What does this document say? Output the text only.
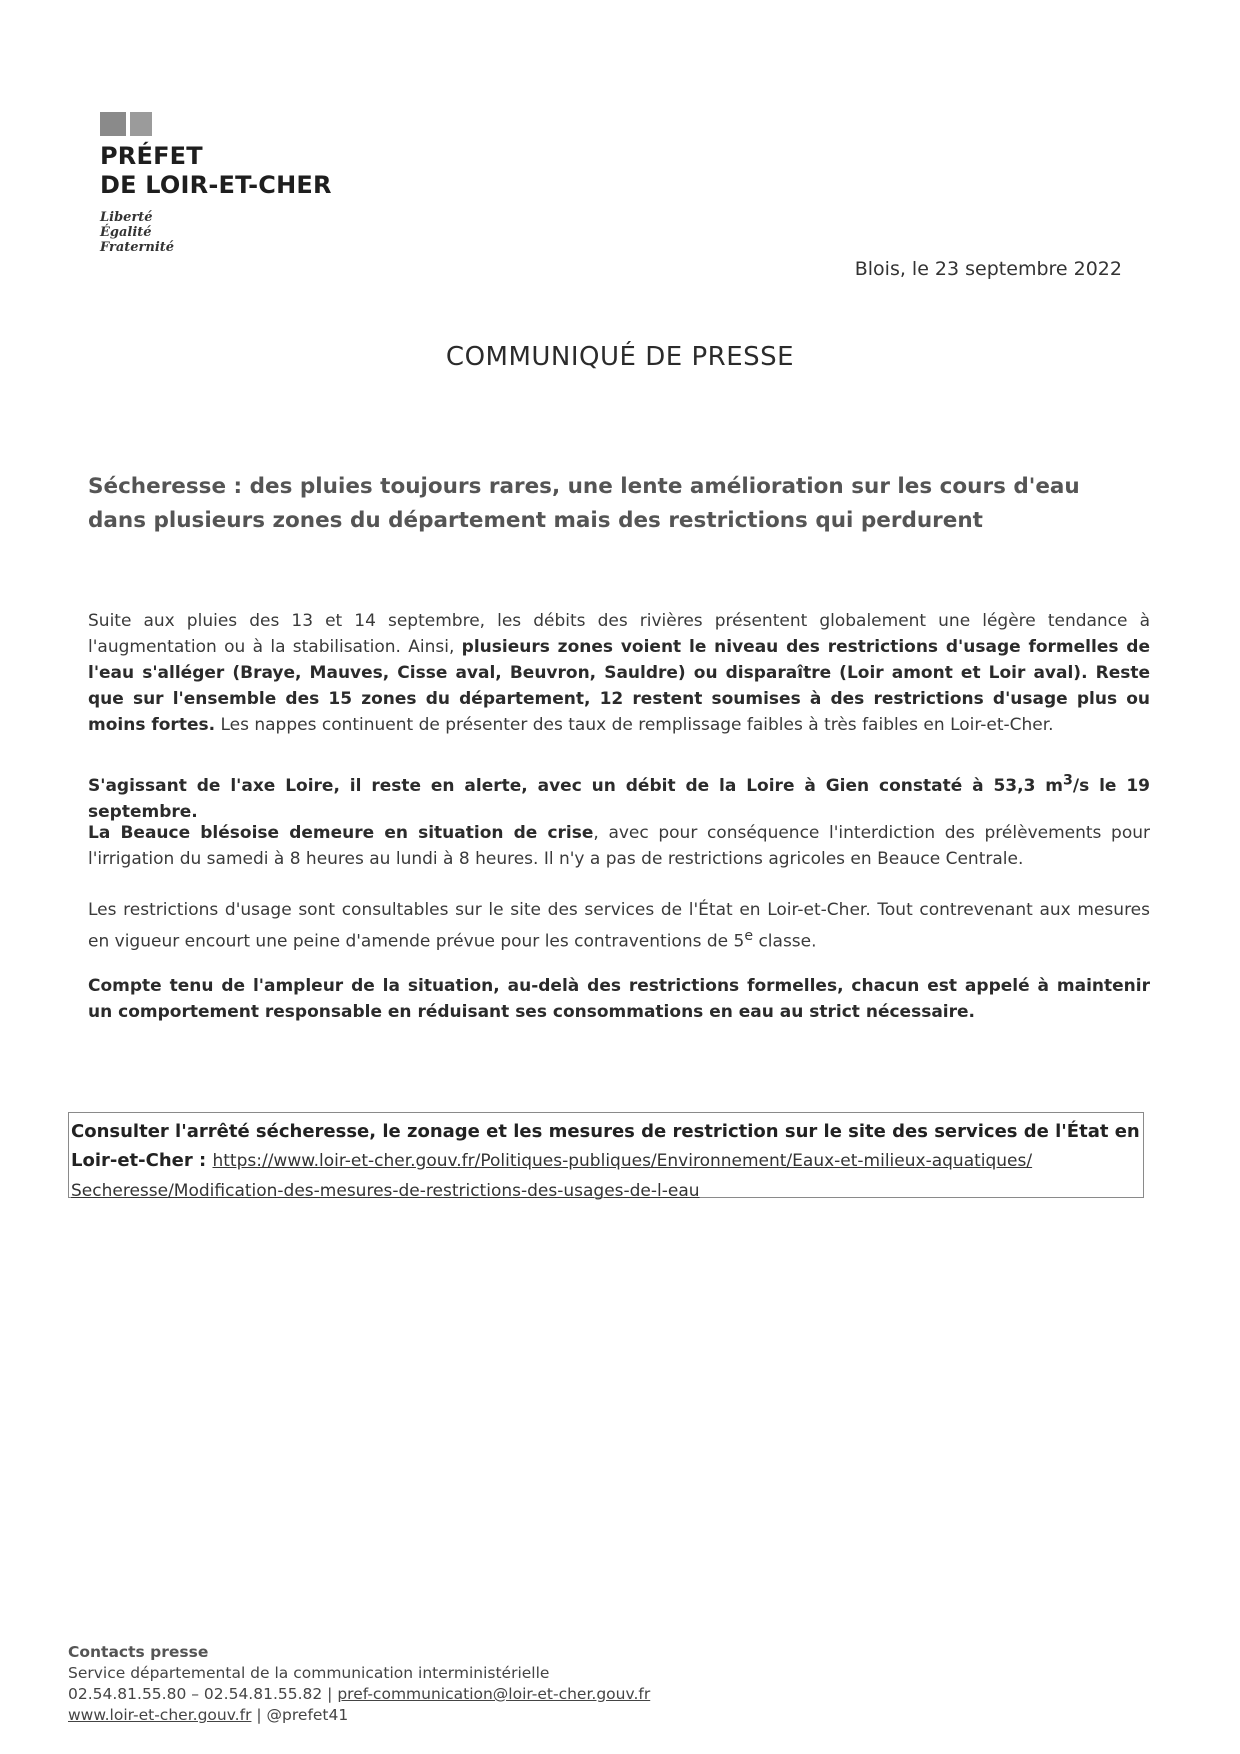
PRÉFET
DE LOIR-ET-CHER
Liberté
Égalité
Fraternité
Blois, le 23 septembre 2022
COMMUNIQUÉ DE PRESSE
Sécheresse : des pluies toujours rares, une lente amélioration sur les cours d'eau dans plusieurs zones du département mais des restrictions qui perdurent
Suite aux pluies des 13 et 14 septembre, les débits des rivières présentent globalement une légère tendance à l'augmentation ou à la stabilisation. Ainsi, plusieurs zones voient le niveau des restrictions d'usage formelles de l'eau s'alléger (Braye, Mauves, Cisse aval, Beuvron, Sauldre) ou disparaître (Loir amont et Loir aval). Reste que sur l'ensemble des 15 zones du département, 12 restent soumises à des restrictions d'usage plus ou moins fortes. Les nappes continuent de présenter des taux de remplissage faibles à très faibles en Loir-et-Cher.
S'agissant de l'axe Loire, il reste en alerte, avec un débit de la Loire à Gien constaté à 53,3 $m^3/s$ le 19 septembre.
La Beauce blésoise demeure en situation de crise, avec pour conséquence l'interdiction des prélèvements pour l'irrigation du samedi à 8 heures au lundi à 8 heures. Il n'y a pas de restrictions agricoles en Beauce Centrale.
Les restrictions d'usage sont consultables sur le site des services de l'État en Loir-et-Cher. Tout contrevenant aux mesures en vigueur encourt une peine d'amende prévue pour les contraventions de 5e classe.
Compte tenu de l'ampleur de la situation, au-delà des restrictions formelles, chacun est appelé à maintenir un comportement responsable en réduisant ses consommations en eau au strict nécessaire.
Consulter l'arrêté sécheresse, le zonage et les mesures de restriction sur le site des services de l'État en Loir-et-Cher : https://www.loir-et-cher.gouv.fr/Politiques-publiques/Environnement/Eaux-et-milieux-aquatiques/
Secheresse/Modification-des-mesures-de-restrictions-des-usages-de-l-eau
Contacts presse
Service départemental de la communication interministérielle
02.54.81.55.80 – 02.54.81.55.82 | pref-communication@loir-et-cher.gouv.fr
www.loir-et-cher.gouv.fr | @prefet41
